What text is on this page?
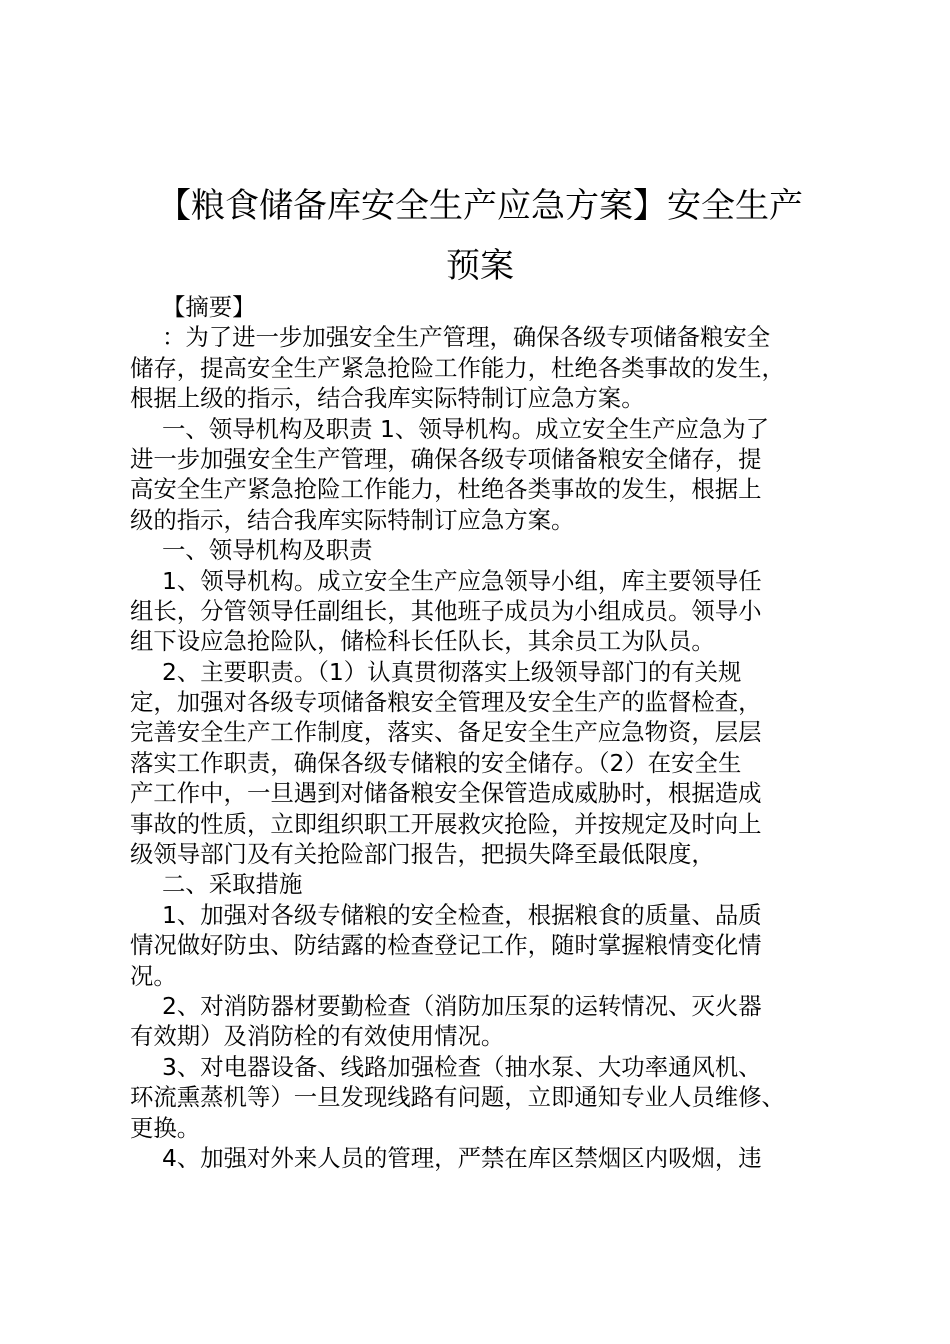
【粮食储备库安全生产应急方案】安全生产
预案
【摘要】
：为了进一步加强安全生产管理，确保各级专项储备粮安全
储存，提高安全生产紧急抢险工作能力，杜绝各类事故的发生，
根据上级的指示，结合我库实际特制订应急方案。
一、领导机构及职责 1、领导机构。成立安全生产应急为了
进一步加强安全生产管理，确保各级专项储备粮安全储存，提
高安全生产紧急抢险工作能力，杜绝各类事故的发生，根据上
级的指示，结合我库实际特制订应急方案。
一、领导机构及职责
1、领导机构。成立安全生产应急领导小组，库主要领导任
组长，分管领导任副组长，其他班子成员为小组成员。领导小
组下设应急抢险队，储检科长任队长，其余员工为队员。
2、主要职责。（1）认真贯彻落实上级领导部门的有关规
定，加强对各级专项储备粮安全管理及安全生产的监督检查，
完善安全生产工作制度，落实、备足安全生产应急物资，层层
落实工作职责，确保各级专储粮的安全储存。（2）在安全生
产工作中，一旦遇到对储备粮安全保管造成威胁时，根据造成
事故的性质，立即组织职工开展救灾抢险，并按规定及时向上
级领导部门及有关抢险部门报告，把损失降至最低限度，
二、采取措施
1、加强对各级专储粮的安全检查，根据粮食的质量、品质
情况做好防虫、防结露的检查登记工作，随时掌握粮情变化情
况。
2、对消防器材要勤检查（消防加压泵的运转情况、灭火器
有效期）及消防栓的有效使用情况。
3、对电器设备、线路加强检查（抽水泵、大功率通风机、
环流熏蒸机等）一旦发现线路有问题，立即通知专业人员维修、
更换。
4、加强对外来人员的管理，严禁在库区禁烟区内吸烟，违
